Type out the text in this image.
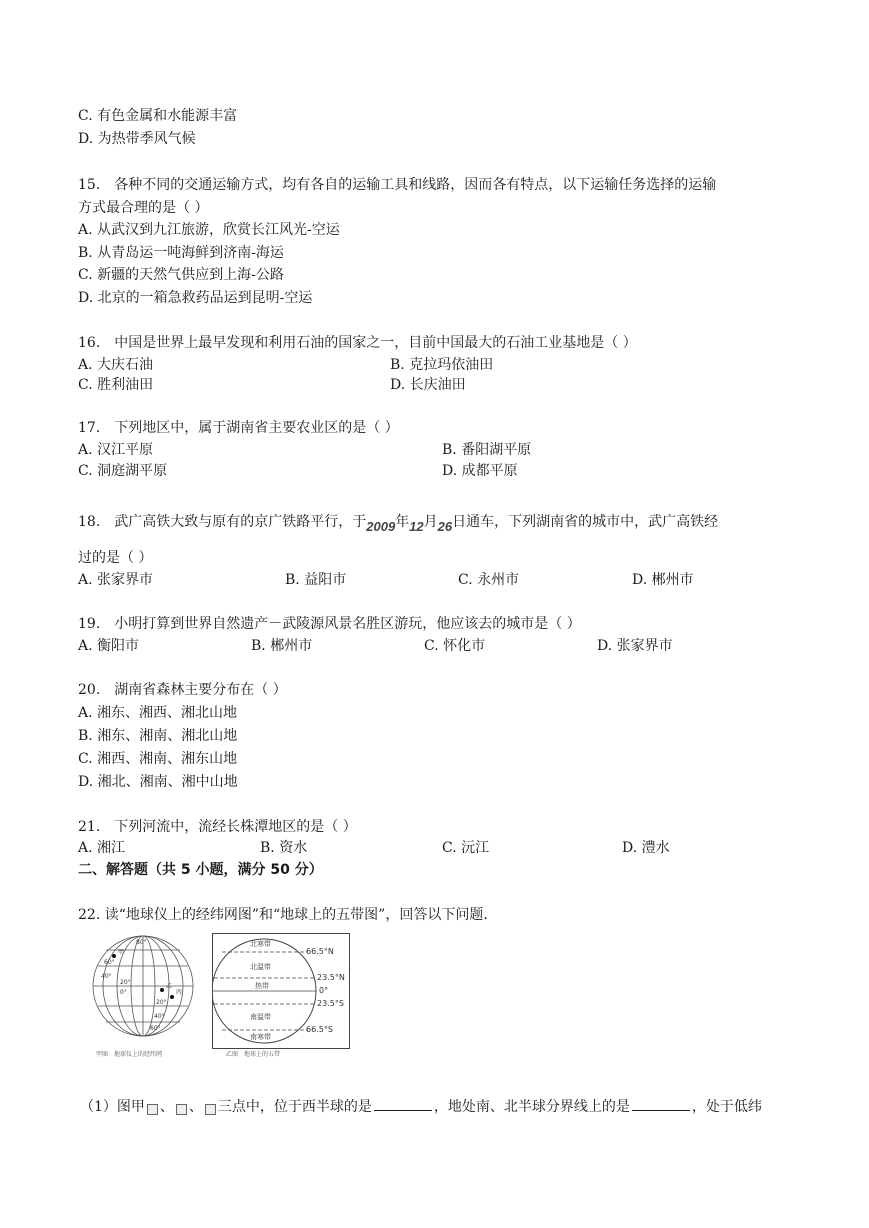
C. 有色金属和水能源丰富
D. 为热带季风气候
15.　各种不同的交通运输方式，均有各自的运输工具和线路，因而各有特点，以下运输任务选择的运输
方式最合理的是（ ）
A. 从武汉到九江旅游，欣赏长江风光-空运
B. 从青岛运一吨海鲜到济南-海运
C. 新疆的天然气供应到上海-公路
D. 北京的一箱急救药品运到昆明-空运
16.　中国是世界上最早发现和利用石油的国家之一，目前中国最大的石油工业基地是（ ）
A. 大庆石油	B. 克拉玛依油田
C. 胜利油田	D. 长庆油田
17.　下列地区中，属于湖南省主要农业区的是（ ）
A. 汉江平原	B. 番阳湖平原
C. 洞庭湖平原	D. 成都平原
18.　武广高铁大致与原有的京广铁路平行，于2009年12月26日通车，下列湖南省的城市中，武广高铁经
过的是（ ）
A. 张家界市	B. 益阳市	C. 永州市	D. 郴州市
19.　小明打算到世界自然遗产－武陵源风景名胜区游玩，他应该去的城市是（ ）
A. 衡阳市	B. 郴州市	C. 怀化市	D. 张家界市
20.　湖南省森林主要分布在（ ）
A. 湘东、湘西、湘北山地
B. 湘东、湘南、湘北山地
C. 湘西、湘南、湘东山地
D. 湘北、湘南、湘中山地
21.　下列河流中，流经长株潭地区的是（ ）
A. 湘江	B. 资水	C. 沅江	D. 澧水
二、解答题（共 5 小题，满分 50 分）
22. 读“地球仪上的经纬网图”和“地球上的五带图”，回答以下问题.
80°
60°
40°
20°
0°
20°
40°
60°
甲
乙
丙
甲图　地球仪上的经纬网
北寒带
北温带
热带
南温带
南寒带
66.5°N
23.5°N
0°
23.5°S
66.5°S
乙图　地球上的五带
（1）图甲 、 、 三点中，位于西半球的是	，地处南、北半球分界线上的是	，处于低纬
